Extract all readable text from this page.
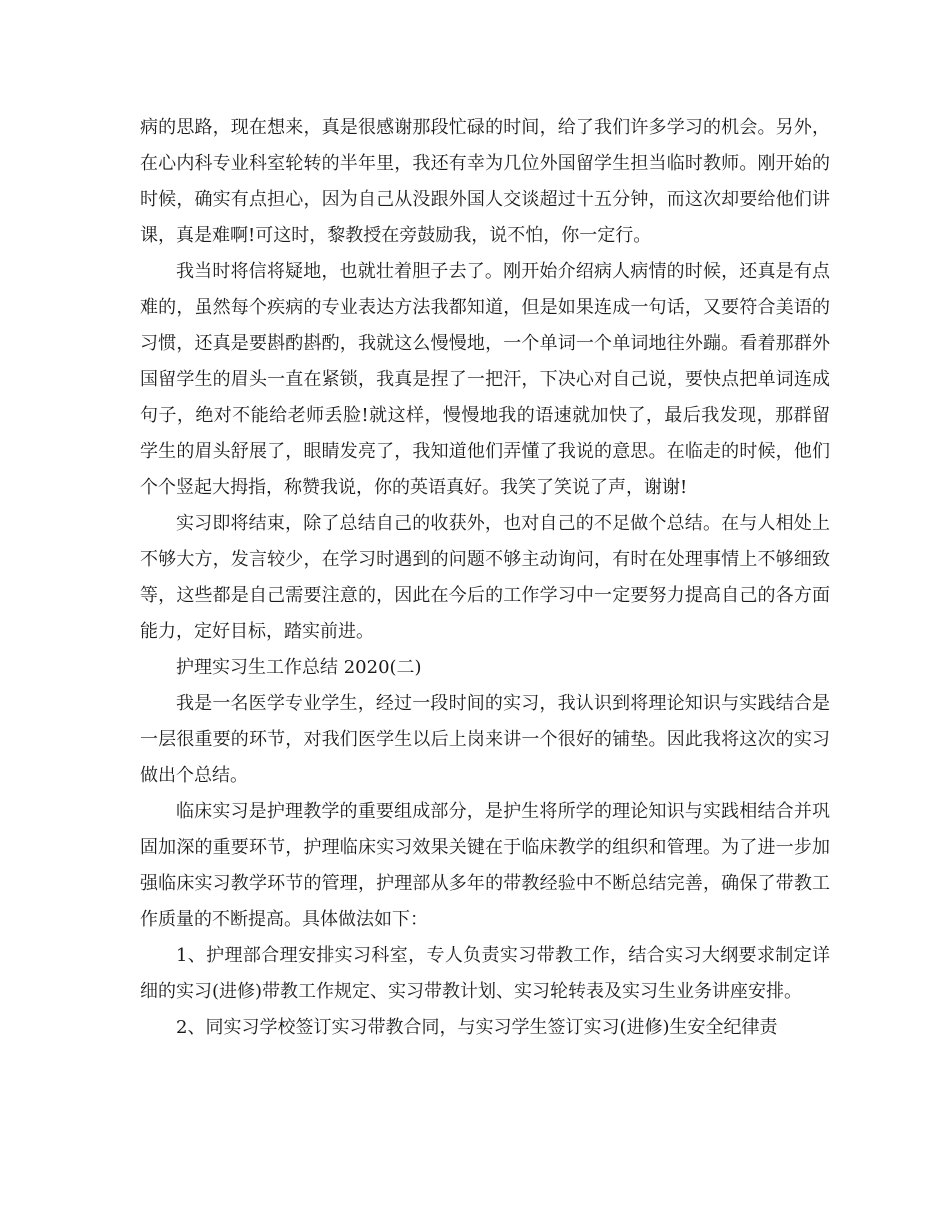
病的思路，现在想来，真是很感谢那段忙碌的时间，给了我们许多学习的机会。另外，在心内科专业科室轮转的半年里，我还有幸为几位外国留学生担当临时教师。刚开始的时候，确实有点担心，因为自己从没跟外国人交谈超过十五分钟，而这次却要给他们讲课，真是难啊!可这时，黎教授在旁鼓励我，说不怕，你一定行。

我当时将信将疑地，也就壮着胆子去了。刚开始介绍病人病情的时候，还真是有点难的，虽然每个疾病的专业表达方法我都知道，但是如果连成一句话，又要符合美语的习惯，还真是要斟酌斟酌，我就这么慢慢地，一个单词一个单词地往外蹦。看着那群外国留学生的眉头一直在紧锁，我真是捏了一把汗，下决心对自己说，要快点把单词连成句子，绝对不能给老师丢脸!就这样，慢慢地我的语速就加快了，最后我发现，那群留学生的眉头舒展了，眼睛发亮了，我知道他们弄懂了我说的意思。在临走的时候，他们个个竖起大拇指，称赞我说，你的英语真好。我笑了笑说了声，谢谢!

实习即将结束，除了总结自己的收获外，也对自己的不足做个总结。在与人相处上不够大方，发言较少，在学习时遇到的问题不够主动询问，有时在处理事情上不够细致等，这些都是自己需要注意的，因此在今后的工作学习中一定要努力提高自己的各方面能力，定好目标，踏实前进。

护理实习生工作总结 2020(二)

我是一名医学专业学生，经过一段时间的实习，我认识到将理论知识与实践结合是一层很重要的环节，对我们医学生以后上岗来讲一个很好的铺垫。因此我将这次的实习做出个总结。

临床实习是护理教学的重要组成部分，是护生将所学的理论知识与实践相结合并巩固加深的重要环节，护理临床实习效果关键在于临床教学的组织和管理。为了进一步加强临床实习教学环节的管理，护理部从多年的带教经验中不断总结完善，确保了带教工作质量的不断提高。具体做法如下：

1、护理部合理安排实习科室，专人负责实习带教工作，结合实习大纲要求制定详细的实习(进修)带教工作规定、实习带教计划、实习轮转表及实习生业务讲座安排。

2、同实习学校签订实习带教合同，与实习学生签订实习(进修)生安全纪律责
